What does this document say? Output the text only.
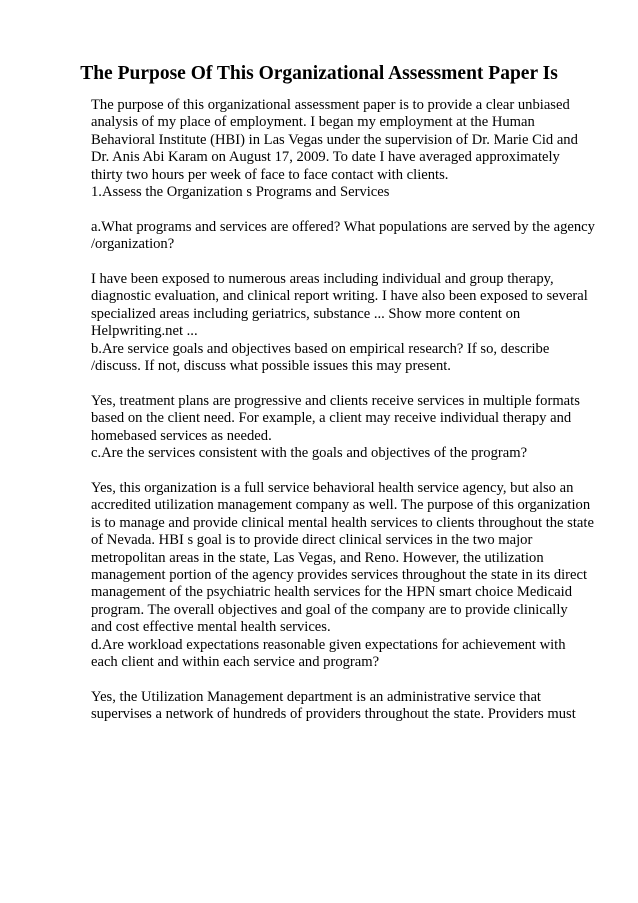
The Purpose Of This Organizational Assessment Paper Is
The purpose of this organizational assessment paper is to provide a clear unbiased
analysis of my place of employment. I began my employment at the Human
Behavioral Institute (HBI) in Las Vegas under the supervision of Dr. Marie Cid and
Dr. Anis Abi Karam on August 17, 2009. To date I have averaged approximately
thirty two hours per week of face to face contact with clients.
1.Assess the Organization s Programs and Services
a.What programs and services are offered? What populations are served by the agency
/organization?
I have been exposed to numerous areas including individual and group therapy,
diagnostic evaluation, and clinical report writing. I have also been exposed to several
specialized areas including geriatrics, substance ... Show more content on
Helpwriting.net ...
b.Are service goals and objectives based on empirical research? If so, describe
/discuss. If not, discuss what possible issues this may present.
Yes, treatment plans are progressive and clients receive services in multiple formats
based on the client need. For example, a client may receive individual therapy and
homebased services as needed.
c.Are the services consistent with the goals and objectives of the program?
Yes, this organization is a full service behavioral health service agency, but also an
accredited utilization management company as well. The purpose of this organization
is to manage and provide clinical mental health services to clients throughout the state
of Nevada. HBI s goal is to provide direct clinical services in the two major
metropolitan areas in the state, Las Vegas, and Reno. However, the utilization
management portion of the agency provides services throughout the state in its direct
management of the psychiatric health services for the HPN smart choice Medicaid
program. The overall objectives and goal of the company are to provide clinically
and cost effective mental health services.
d.Are workload expectations reasonable given expectations for achievement with
each client and within each service and program?
Yes, the Utilization Management department is an administrative service that
supervises a network of hundreds of providers throughout the state. Providers must
